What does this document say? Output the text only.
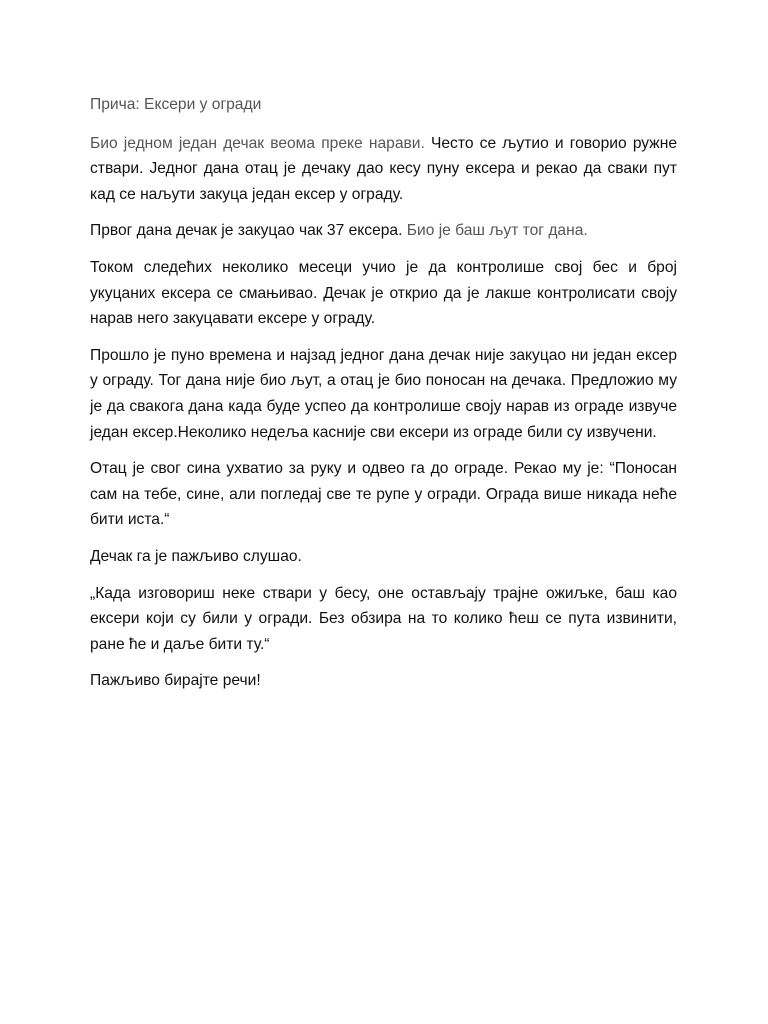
Прича: Ексери у огради

Био једном један дечак веома преке нарави. Често се љутио и говорио ружне ствари. Једног дана отац је дечаку дао кесу пуну ексера и рекао да сваки пут кад се наљути закуца један ексер у ограду.

Првог дана дечак је закуцао чак 37 ексера. Био је баш љут тог дана.

Током следећих неколико месеци учио је да контролише свој бес и број укуцаних ексера се смањивао. Дечак је открио да је лакше контролисати своју нарав него закуцавати ексере у ограду.

Прошло је пуно времена и најзад једног дана дечак није закуцао ни један ексер у ограду. Тог дана није био љут, а отац је био поносан на дечака. Предложио му је да свакога дана када буде успео да контролише своју нарав из ограде извуче један ексер.Неколико недеља касније сви ексери из ограде били су извучени.

Отац је свог сина ухватио за руку и одвео га до ограде. Рекао му је: “Поносан сам на тебе, сине, али погледај све те рупе у огради. Ограда више никада неће бити иста.“

Дечак га је пажљиво слушао.

„Када изговориш неке ствари у бесу, оне остављају трајне ожиљке, баш као ексери који су били у огради. Без обзира на то колико ћеш се пута извинити, ране ће и даље бити ту.“

Пажљиво бирајте речи!
